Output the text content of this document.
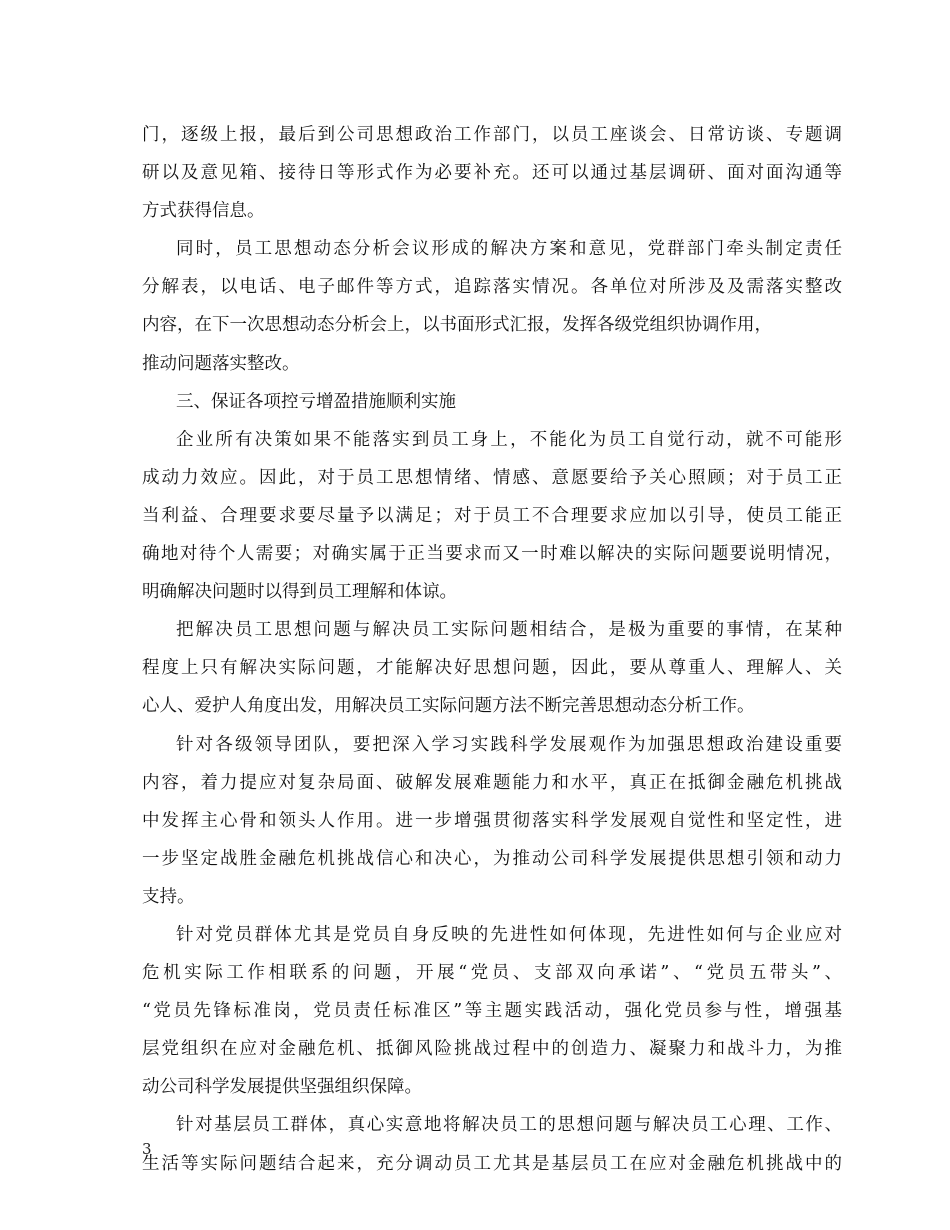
门，逐级上报，最后到公司思想政治工作部门，以员工座谈会、日常访谈、专题调
研以及意见箱、接待日等形式作为必要补充。还可以通过基层调研、面对面沟通等
方式获得信息。
同时，员工思想动态分析会议形成的解决方案和意见，党群部门牵头制定责任
分解表，以电话、电子邮件等方式，追踪落实情况。各单位对所涉及及需落实整改
内容，在下一次思想动态分析会上，以书面形式汇报，发挥各级党组织协调作用，
推动问题落实整改。
三、保证各项控亏增盈措施顺利实施
企业所有决策如果不能落实到员工身上，不能化为员工自觉行动，就不可能形
成动力效应。因此，对于员工思想情绪、情感、意愿要给予关心照顾；对于员工正
当利益、合理要求要尽量予以满足；对于员工不合理要求应加以引导，使员工能正
确地对待个人需要；对确实属于正当要求而又一时难以解决的实际问题要说明情况，
明确解决问题时以得到员工理解和体谅。
把解决员工思想问题与解决员工实际问题相结合，是极为重要的事情，在某种
程度上只有解决实际问题，才能解决好思想问题，因此，要从尊重人、理解人、关
心人、爱护人角度出发，用解决员工实际问题方法不断完善思想动态分析工作。
针对各级领导团队，要把深入学习实践科学发展观作为加强思想政治建设重要
内容，着力提应对复杂局面、破解发展难题能力和水平，真正在抵御金融危机挑战
中发挥主心骨和领头人作用。进一步增强贯彻落实科学发展观自觉性和坚定性，进
一步坚定战胜金融危机挑战信心和决心，为推动公司科学发展提供思想引领和动力
支持。
针对党员群体尤其是党员自身反映的先进性如何体现，先进性如何与企业应对
危机实际工作相联系的问题，开展“党员、支部双向承诺”、“党员五带头”、
“党员先锋标准岗，党员责任标准区”等主题实践活动，强化党员参与性，增强基
层党组织在应对金融危机、抵御风险挑战过程中的创造力、凝聚力和战斗力，为推
动公司科学发展提供坚强组织保障。
针对基层员工群体，真心实意地将解决员工的思想问题与解决员工心理、工作、
生活等实际问题结合起来，充分调动员工尤其是基层员工在应对金融危机挑战中的
3
